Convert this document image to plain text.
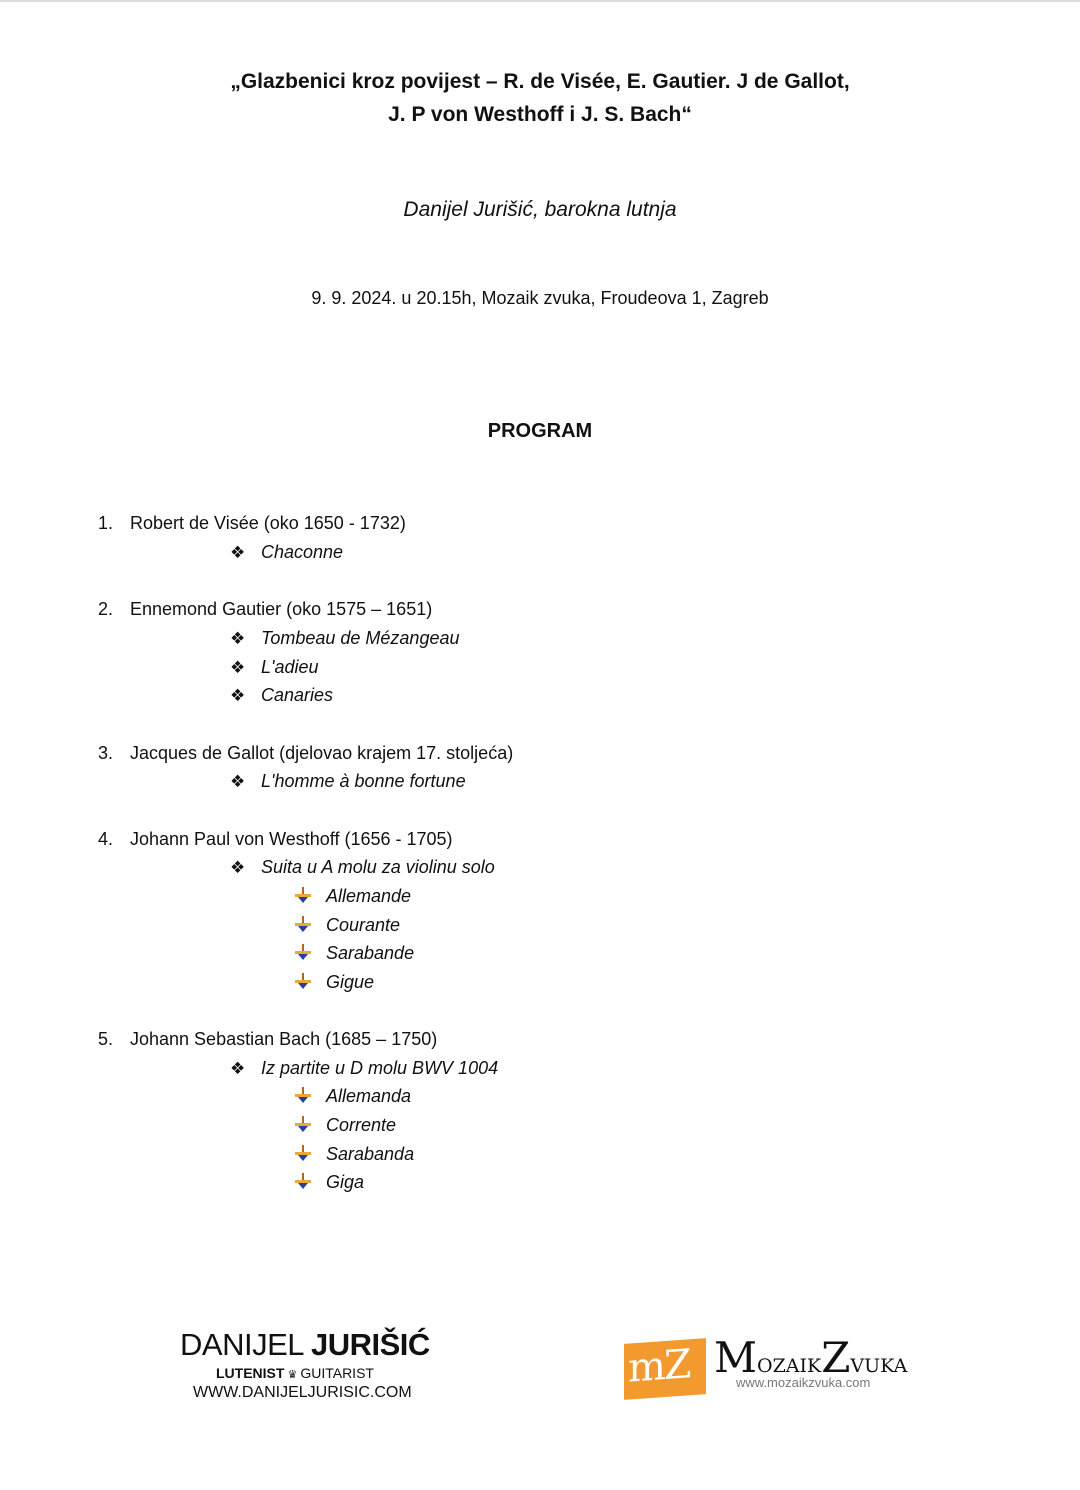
„Glazbenici kroz povijest – R. de Visée, E. Gautier. J de Gallot,
J. P von Westhoff i J. S. Bach“
Danijel Jurišić, barokna lutnja
9. 9. 2024. u 20.15h, Mozaik zvuka, Froudeova 1, Zagreb
PROGRAM
1. Robert de Visée (oko 1650 - 1732)
❖ Chaconne
2. Ennemond Gautier (oko 1575 – 1651)
❖ Tombeau de Mézangeau
❖ L'adieu
❖ Canaries
3. Jacques de Gallot (djelovao krajem 17. stoljeća)
❖ L'homme à bonne fortune
4. Johann Paul von Westhoff (1656 - 1705)
❖ Suita u A molu za violinu solo
Allemande
Courante
Sarabande
Gigue
5. Johann Sebastian Bach (1685 – 1750)
❖ Iz partite u D molu BWV 1004
Allemanda
Corrente
Sarabanda
Giga
DANIJEL JURIŠIĆ
LUTENIST ♛ GUITARIST
WWW.DANIJELJURISIC.COM
mZ MOZAIKZVUKA
www.mozaikzvuka.com
